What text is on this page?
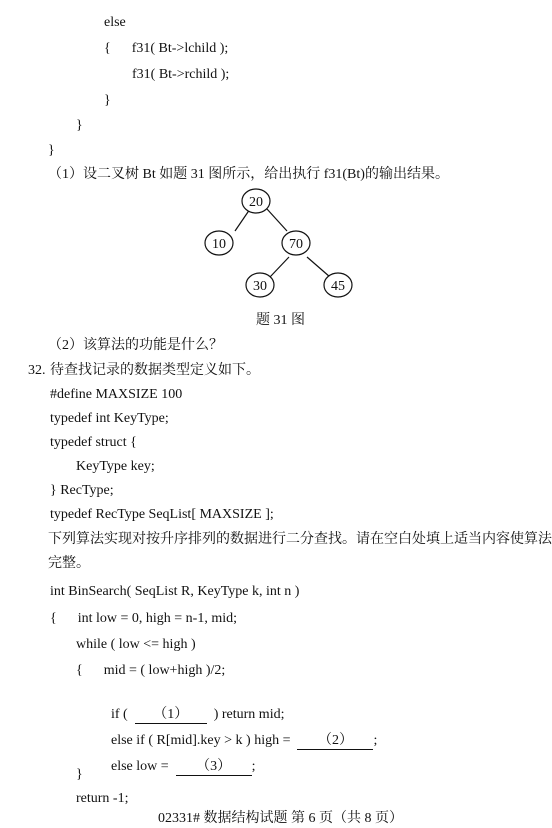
else
{      f31( Bt->lchild );
f31( Bt->rchild );
}
}
}
（1）设二叉树 Bt 如题 31 图所示，给出执行 f31(Bt)的输出结果。
20
10	70
30	45
题 31 图
（2）该算法的功能是什么？
32. 待查找记录的数据类型定义如下。
#define MAXSIZE 100
typedef int KeyType;
typedef struct {
KeyType key;
} RecType;
typedef RecType SeqList[ MAXSIZE ];
下列算法实现对按升序排列的数据进行二分查找。请在空白处填上适当内容使算法
完整。
int BinSearch( SeqList R, KeyType k, int n )
{      int low = 0, high = n-1, mid;
while ( low <= high )
{      mid = ( low+high )/2;

if (  （1）  ) return mid;

else if ( R[mid].key > k ) high =  （2） ;

else low =  （3） ;

}
return -1;
02331# 数据结构试题 第 6 页（共 8 页）
